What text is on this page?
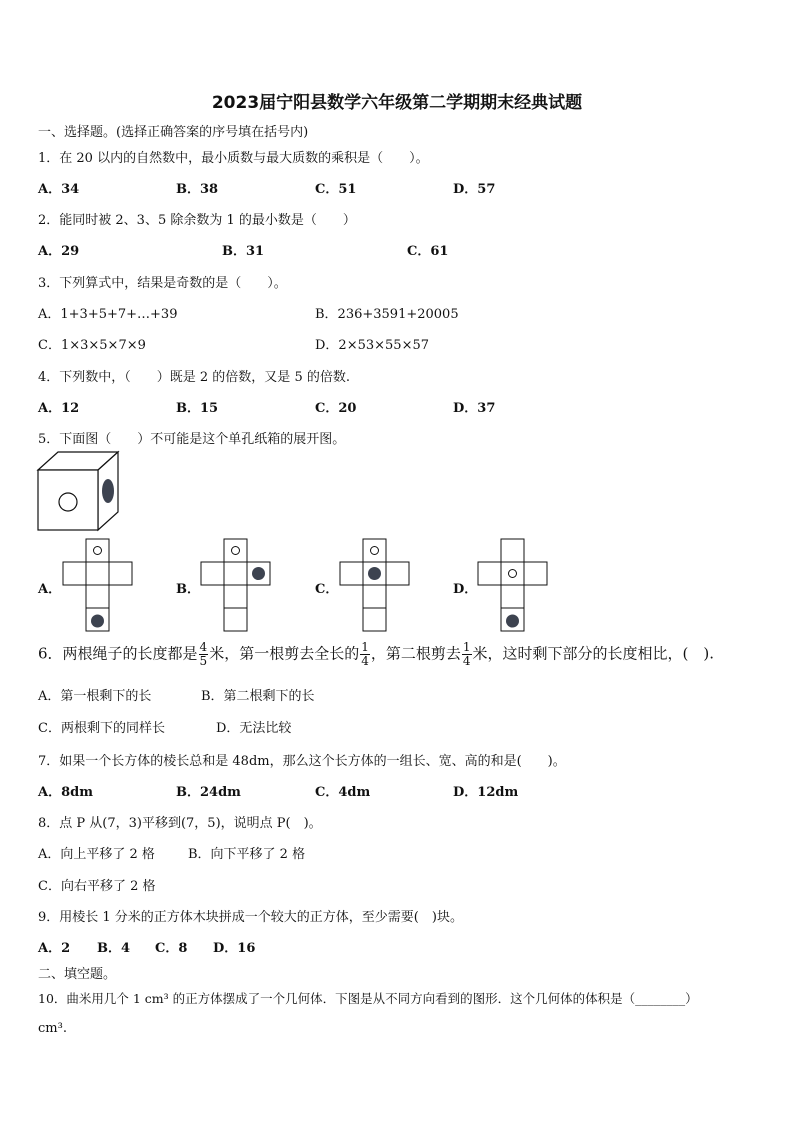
2023届宁阳县数学六年级第二学期期末经典试题
一、选择题。(选择正确答案的序号填在括号内)
1．在 20 以内的自然数中，最小质数与最大质数的乘积是（　　）。
A．34	B．38	C．51	D．57
2．能同时被 2、3、5 除余数为 1 的最小数是（　　）
A．29	B．31	C．61
3．下列算式中，结果是奇数的是（　　）。
A．1+3+5+7+…+39	B．236+3591+20005
C．1×3×5×7×9	D．2×53×55×57
4．下列数中，（　　）既是 2 的倍数，又是 5 的倍数.
A．12	B．15	C．20	D．37
5．下面图（　　）不可能是这个单孔纸箱的展开图。
A．	B．	C．	D．
6．两根绳子的长度都是 $\frac{4}{5}$ 米，第一根剪去全长的 $\frac{1}{4}$ ，第二根剪去 $\frac{1}{4}$ 米，这时剩下部分的长度相比，(　).
A．第一根剩下的长	B．第二根剩下的长
C．两根剩下的同样长	D．无法比较
7．如果一个长方体的棱长总和是 48dm，那么这个长方体的一组长、宽、高的和是(　　)。
A．8dm	B．24dm	C．4dm	D．12dm
8．点 P 从(7，3)平移到(7，5)，说明点 P(　)。
A．向上平移了 2 格	B．向下平移了 2 格
C．向右平移了 2 格
9．用棱长 1 分米的正方体木块拼成一个较大的正方体，至少需要(　)块。
A．2 B．4 C．8 D．16
二、填空题。
10．曲米用几个 1 cm³ 的正方体摆成了一个几何体．下图是从不同方向看到的图形．这个几何体的体积是（________）
cm³.
